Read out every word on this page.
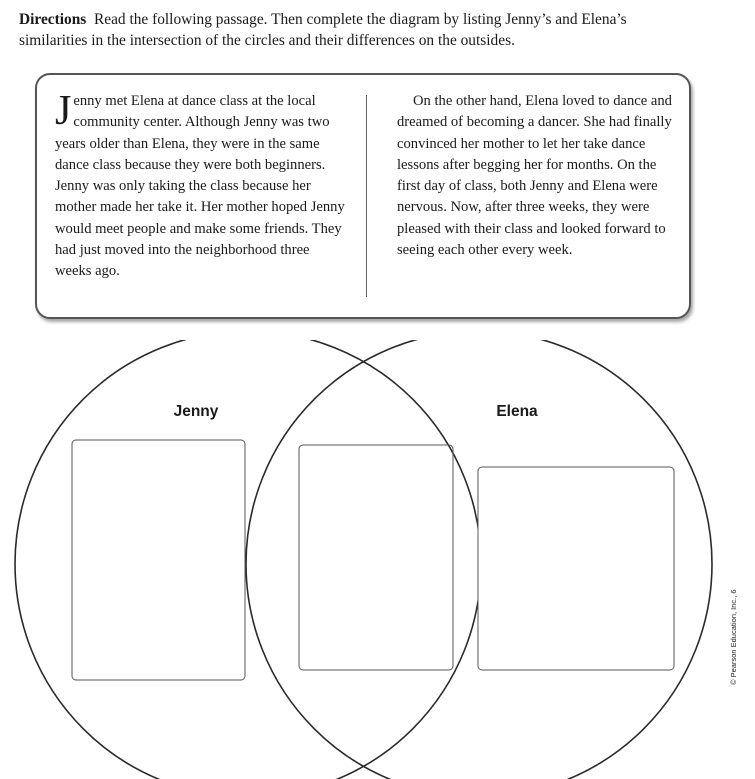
Directions Read the following passage. Then complete the diagram by listing Jenny’s and Elena’s similarities in the intersection of the circles and their differences on the outsides.

Jenny met Elena at dance class at the local community center. Although Jenny was two years older than Elena, they were in the same dance class because they were both beginners. Jenny was only taking the class because her mother made her take it. Her mother hoped Jenny would meet people and make some friends. They had just moved into the neighborhood three weeks ago.

On the other hand, Elena loved to dance and dreamed of becoming a dancer. She had finally convinced her mother to let her take dance lessons after begging her for months. On the first day of class, both Jenny and Elena were nervous. Now, after three weeks, they were pleased with their class and looked forward to seeing each other every week.

Jenny	Elena
© Pearson Education, Inc., 6
